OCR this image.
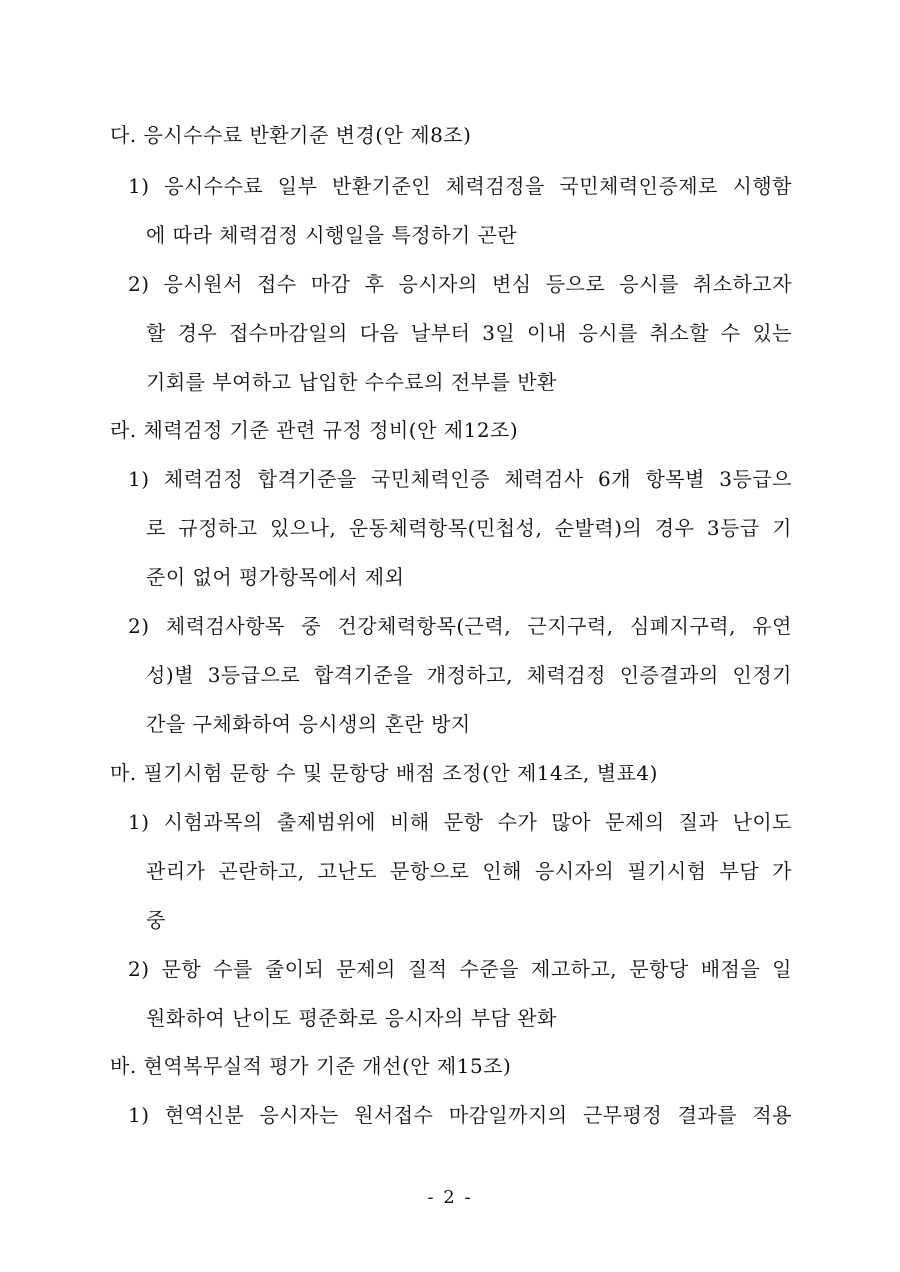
다. 응시수수료 반환기준 변경(안 제8조)
1) 응시수수료 일부 반환기준인 체력검정을 국민체력인증제로 시행함
에 따라 체력검정 시행일을 특정하기 곤란
2) 응시원서 접수 마감 후 응시자의 변심 등으로 응시를 취소하고자
할 경우 접수마감일의 다음 날부터 3일 이내 응시를 취소할 수 있는
기회를 부여하고 납입한 수수료의 전부를 반환
라. 체력검정 기준 관련 규정 정비(안 제12조)
1) 체력검정 합격기준을 국민체력인증 체력검사 6개 항목별 3등급으
로 규정하고 있으나, 운동체력항목(민첩성, 순발력)의 경우 3등급 기
준이 없어 평가항목에서 제외
2) 체력검사항목 중 건강체력항목(근력, 근지구력, 심폐지구력, 유연
성)별 3등급으로 합격기준을 개정하고, 체력검정 인증결과의 인정기
간을 구체화하여 응시생의 혼란 방지
마. 필기시험 문항 수 및 문항당 배점 조정(안 제14조, 별표4)
1) 시험과목의 출제범위에 비해 문항 수가 많아 문제의 질과 난이도
관리가 곤란하고, 고난도 문항으로 인해 응시자의 필기시험 부담 가
중
2) 문항 수를 줄이되 문제의 질적 수준을 제고하고, 문항당 배점을 일
원화하여 난이도 평준화로 응시자의 부담 완화
바. 현역복무실적 평가 기준 개선(안 제15조)
1) 현역신분 응시자는 원서접수 마감일까지의 근무평정 결과를 적용
- 2 -
